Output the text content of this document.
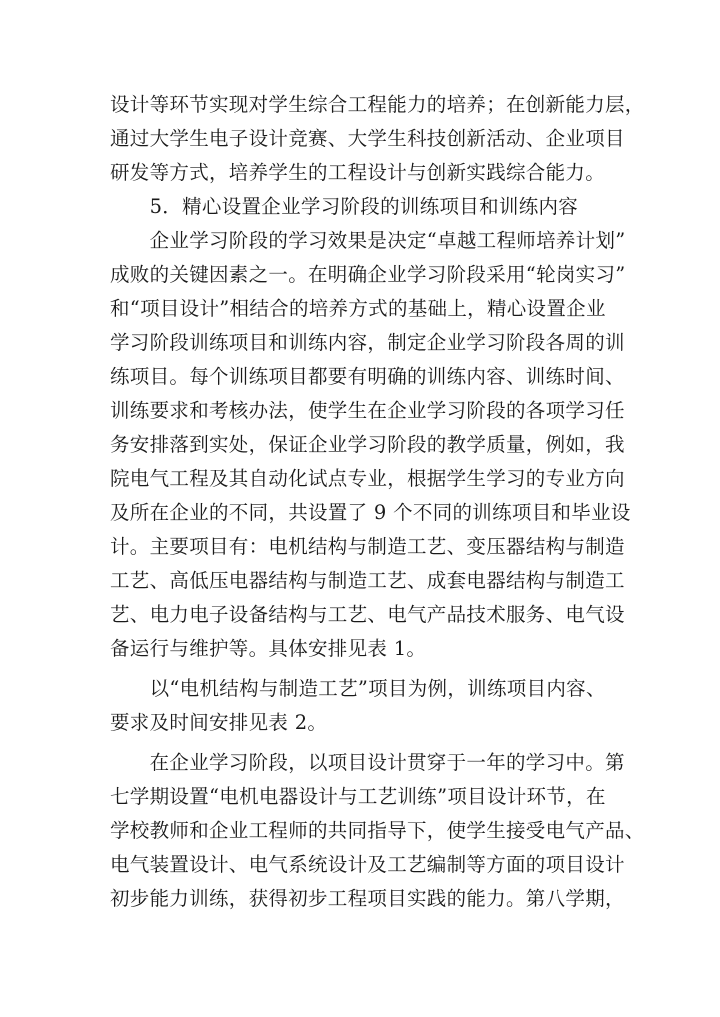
设计等环节实现对学生综合工程能力的培养；在创新能力层，
通过大学生电子设计竞赛、大学生科技创新活动、企业项目
研发等方式，培养学生的工程设计与创新实践综合能力。
　　5．精心设置企业学习阶段的训练项目和训练内容
　　企业学习阶段的学习效果是决定“卓越工程师培养计划”
成败的关键因素之一。在明确企业学习阶段采用“轮岗实习”
和“项目设计”相结合的培养方式的基础上，精心设置企业
学习阶段训练项目和训练内容，制定企业学习阶段各周的训
练项目。每个训练项目都要有明确的训练内容、训练时间、
训练要求和考核办法，使学生在企业学习阶段的各项学习任
务安排落到实处，保证企业学习阶段的教学质量，例如，我
院电气工程及其自动化试点专业，根据学生学习的专业方向
及所在企业的不同，共设置了 9 个不同的训练项目和毕业设
计。主要项目有：电机结构与制造工艺、变压器结构与制造
工艺、高低压电器结构与制造工艺、成套电器结构与制造工
艺、电力电子设备结构与工艺、电气产品技术服务、电气设
备运行与维护等。具体安排见表 1。
　　以“电机结构与制造工艺”项目为例，训练项目内容、
要求及时间安排见表 2。
　　在企业学习阶段，以项目设计贯穿于一年的学习中。第
七学期设置“电机电器设计与工艺训练”项目设计环节，在
学校教师和企业工程师的共同指导下，使学生接受电气产品、
电气装置设计、电气系统设计及工艺编制等方面的项目设计
初步能力训练，获得初步工程项目实践的能力。第八学期，
